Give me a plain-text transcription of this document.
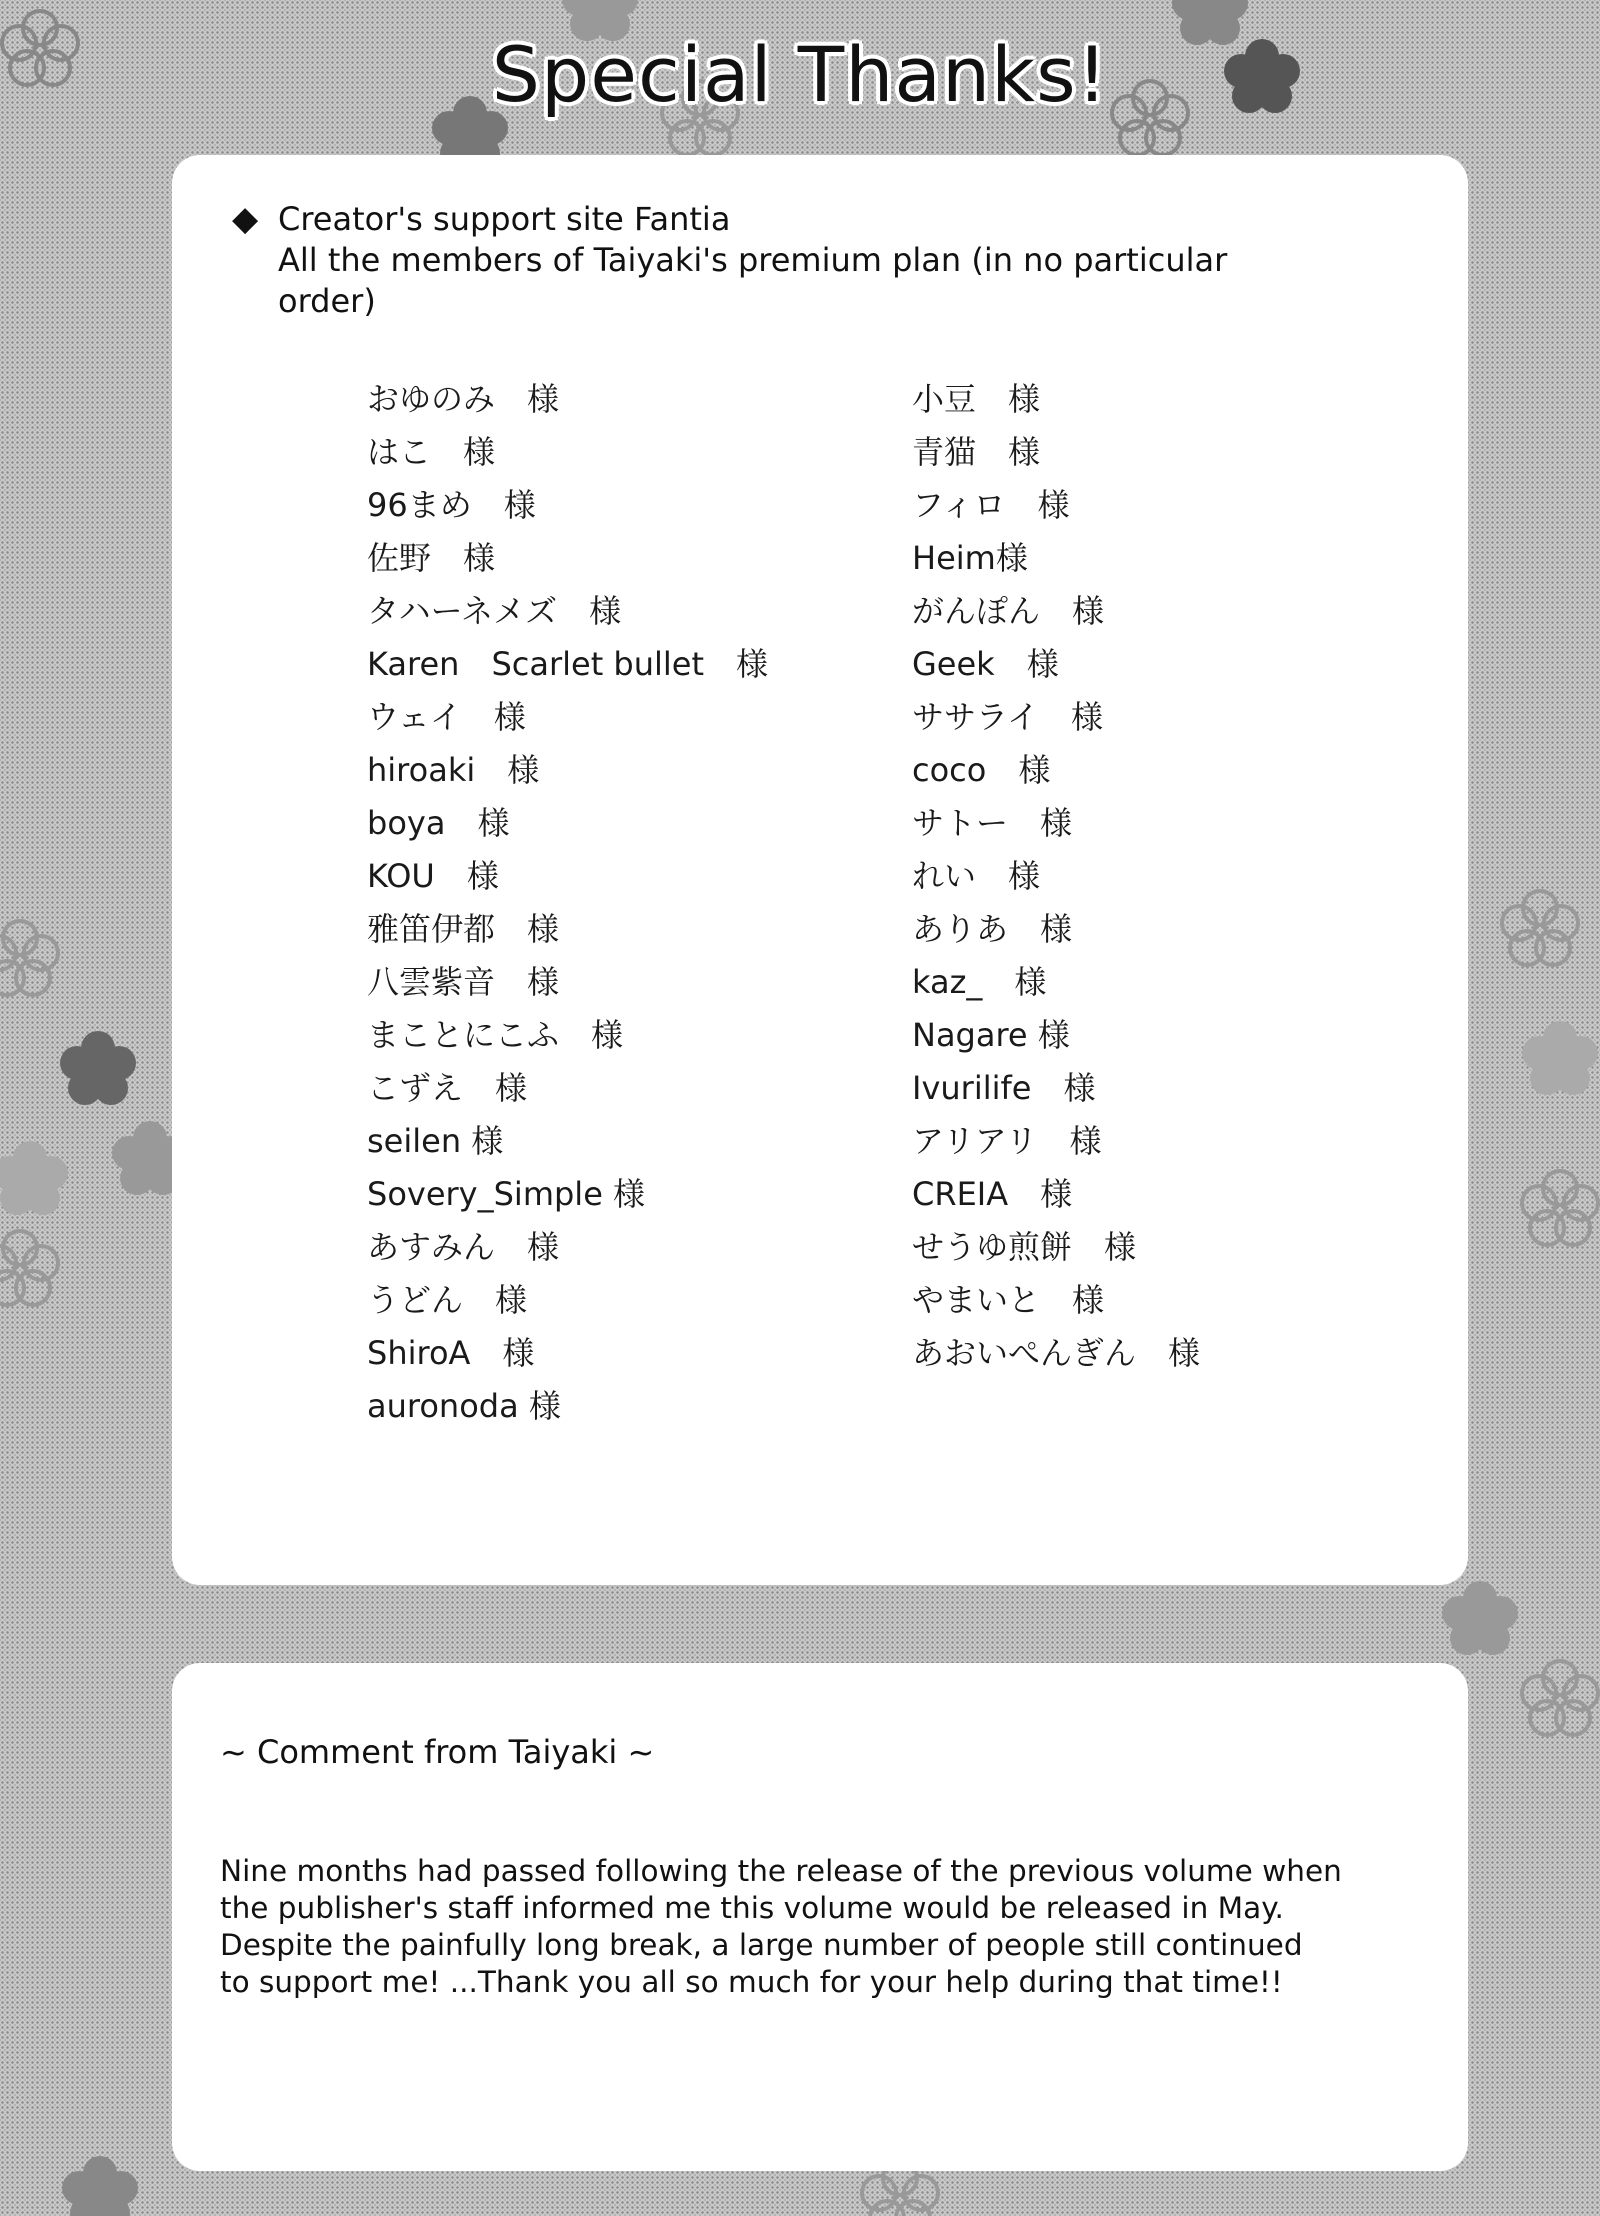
Special Thanks!
◆ Creator's support site Fantia
All the members of Taiyaki's premium plan (in no particular
order)
おゆのみ　様
はこ　様
96まめ　様
佐野　様
タハーネメズ　様
Karen　Scarlet bullet　様
ウェイ　様
hiroaki　様
boya　様
KOU　様
雅笛伊都　様
八雲紫音　様
まことにこふ　様
こずえ　様
seilen 様
Sovery_Simple 様
あすみん　様
うどん　様
ShiroA　様
auronoda 様
小豆　様
青猫　様
フィロ　様
Heim様
がんぽん　様
Geek　様
ササライ　様
coco　様
サトー　様
れい　様
ありあ　様
kaz_　様
Nagare 様
Ivurilife　様
アリアリ　様
CREIA　様
せうゆ煎餅　様
やまいと　様
あおいぺんぎん　様
~ Comment from Taiyaki ~
Nine months had passed following the release of the previous volume when
the publisher's staff informed me this volume would be released in May.
Despite the painfully long break, a large number of people still continued
to support me! ...Thank you all so much for your help during that time!!
